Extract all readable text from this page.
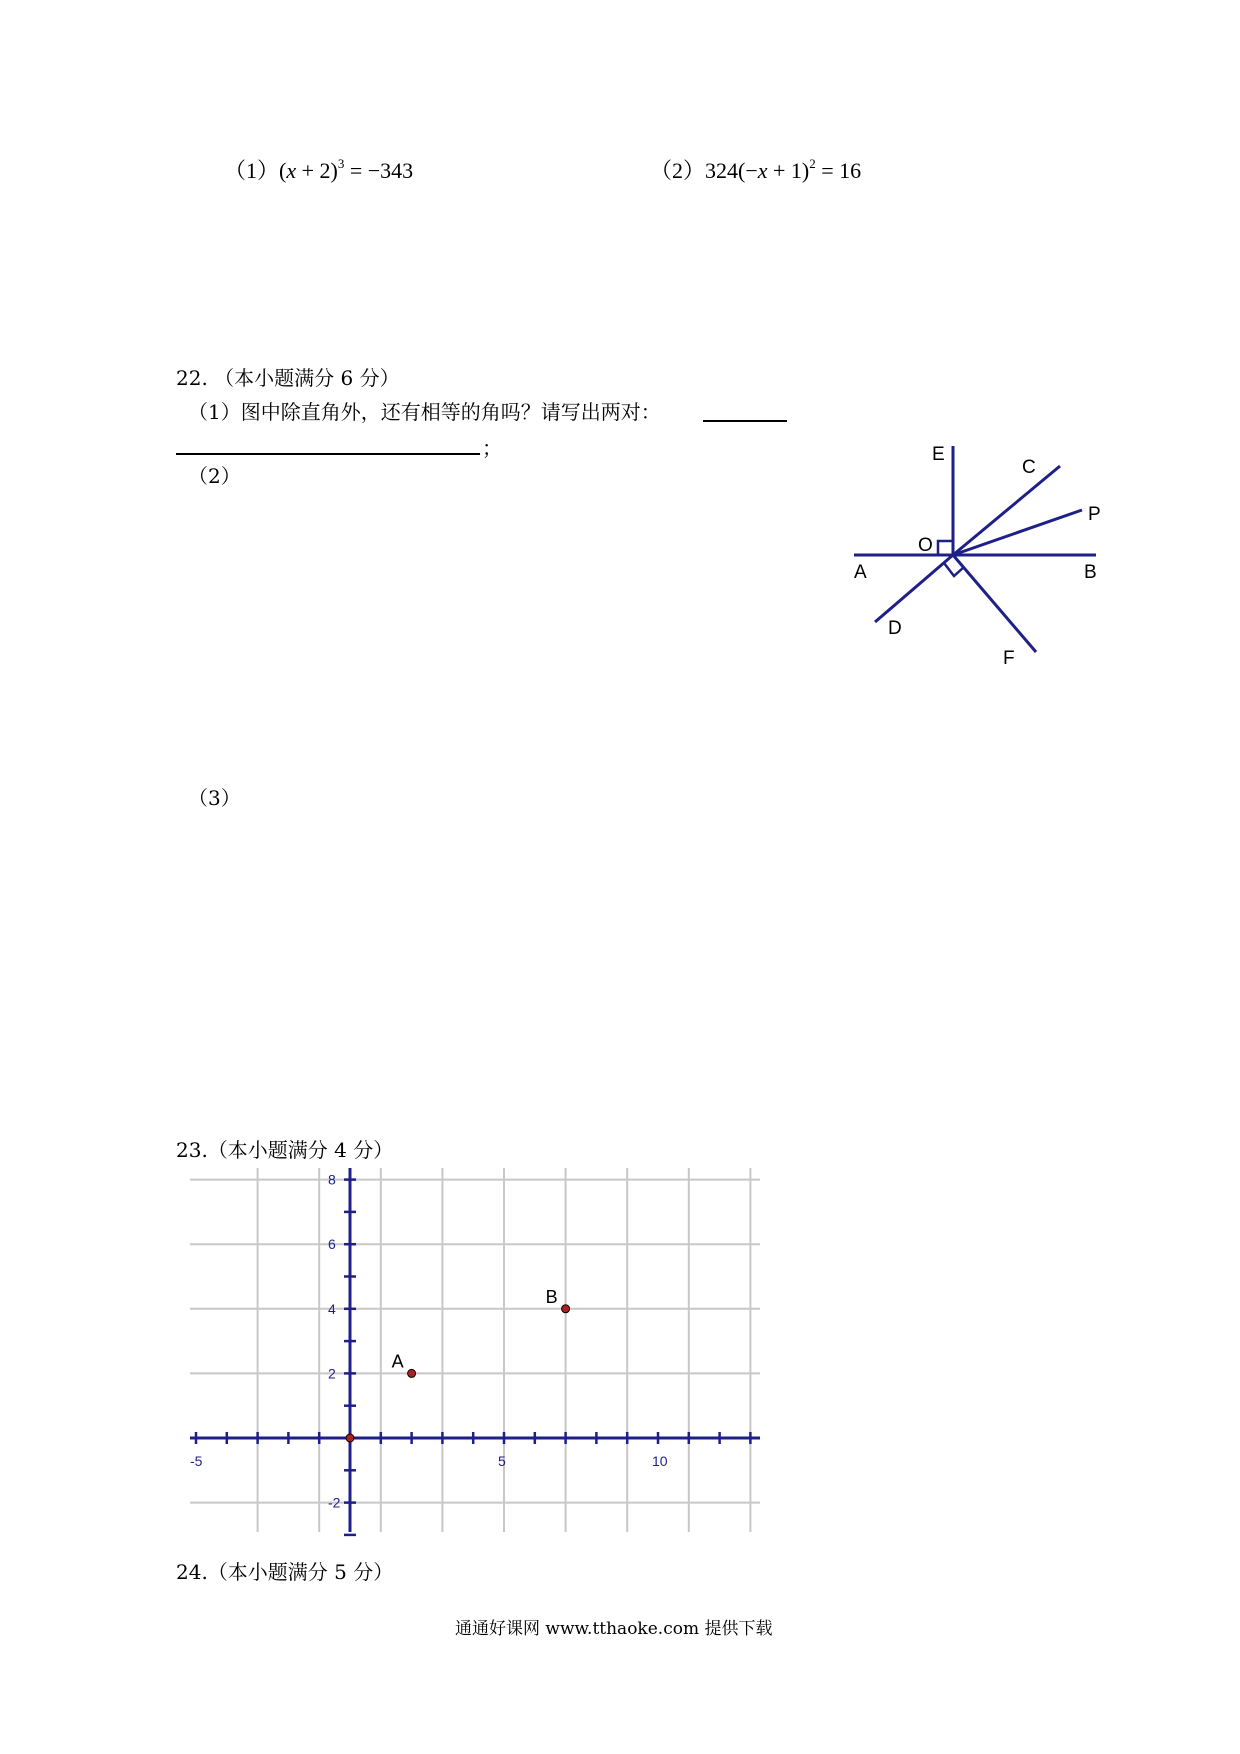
$(1)(x + 2)^3 = -343$	$(2)324(-x + 1)^2 = 16$
22. （本小题满分 6 分）
（1）图中除直角外，还有相等的角吗？请写出两对：
；
（2）
（3）
E
C
P
O
A	B
D
F
23.（本小题满分 4 分）
-5	5	10
8
6
4
2
-2
A
B
24.（本小题满分 5 分）
通通好课网 www.tthaoke.com 提供下载
